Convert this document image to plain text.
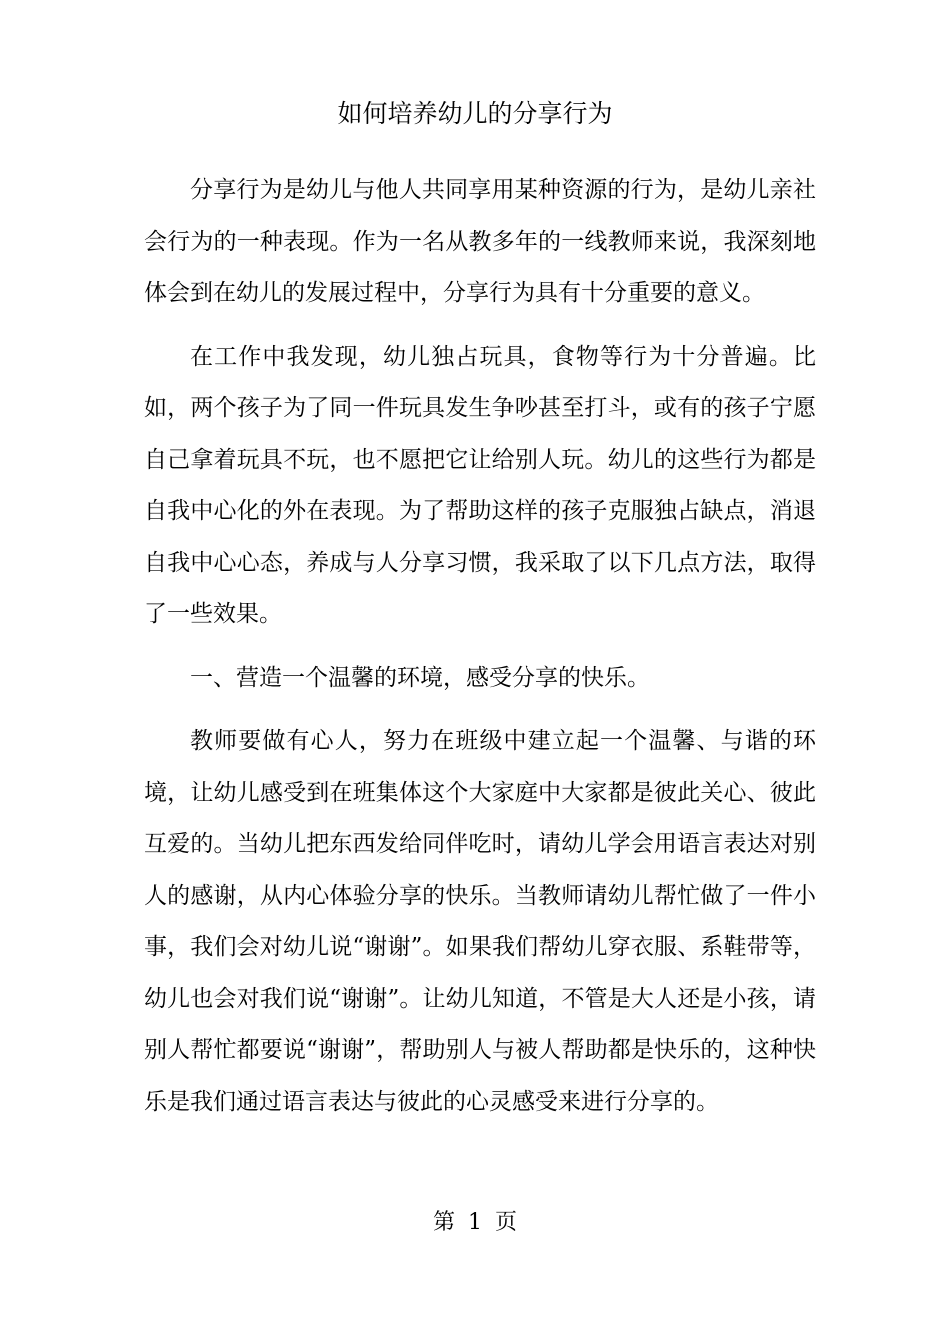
如何培养幼儿的分享行为

分享行为是幼儿与他人共同享用某种资源的行为，是幼儿亲社会行为的一种表现。作为一名从教多年的一线教师来说，我深刻地体会到在幼儿的发展过程中，分享行为具有十分重要的意义。

在工作中我发现，幼儿独占玩具，食物等行为十分普遍。比如，两个孩子为了同一件玩具发生争吵甚至打斗，或有的孩子宁愿自己拿着玩具不玩，也不愿把它让给别人玩。幼儿的这些行为都是自我中心化的外在表现。为了帮助这样的孩子克服独占缺点，消退自我中心心态，养成与人分享习惯，我采取了以下几点方法，取得了一些效果。

一、营造一个温馨的环境，感受分享的快乐。

教师要做有心人，努力在班级中建立起一个温馨、与谐的环境，让幼儿感受到在班集体这个大家庭中大家都是彼此关心、彼此互爱的。当幼儿把东西发给同伴吃时，请幼儿学会用语言表达对别人的感谢，从内心体验分享的快乐。当教师请幼儿帮忙做了一件小事，我们会对幼儿说“谢谢”。如果我们帮幼儿穿衣服、系鞋带等，幼儿也会对我们说“谢谢”。让幼儿知道，不管是大人还是小孩，请别人帮忙都要说“谢谢”，帮助别人与被人帮助都是快乐的，这种快乐是我们通过语言表达与彼此的心灵感受来进行分享的。

第 1 页
